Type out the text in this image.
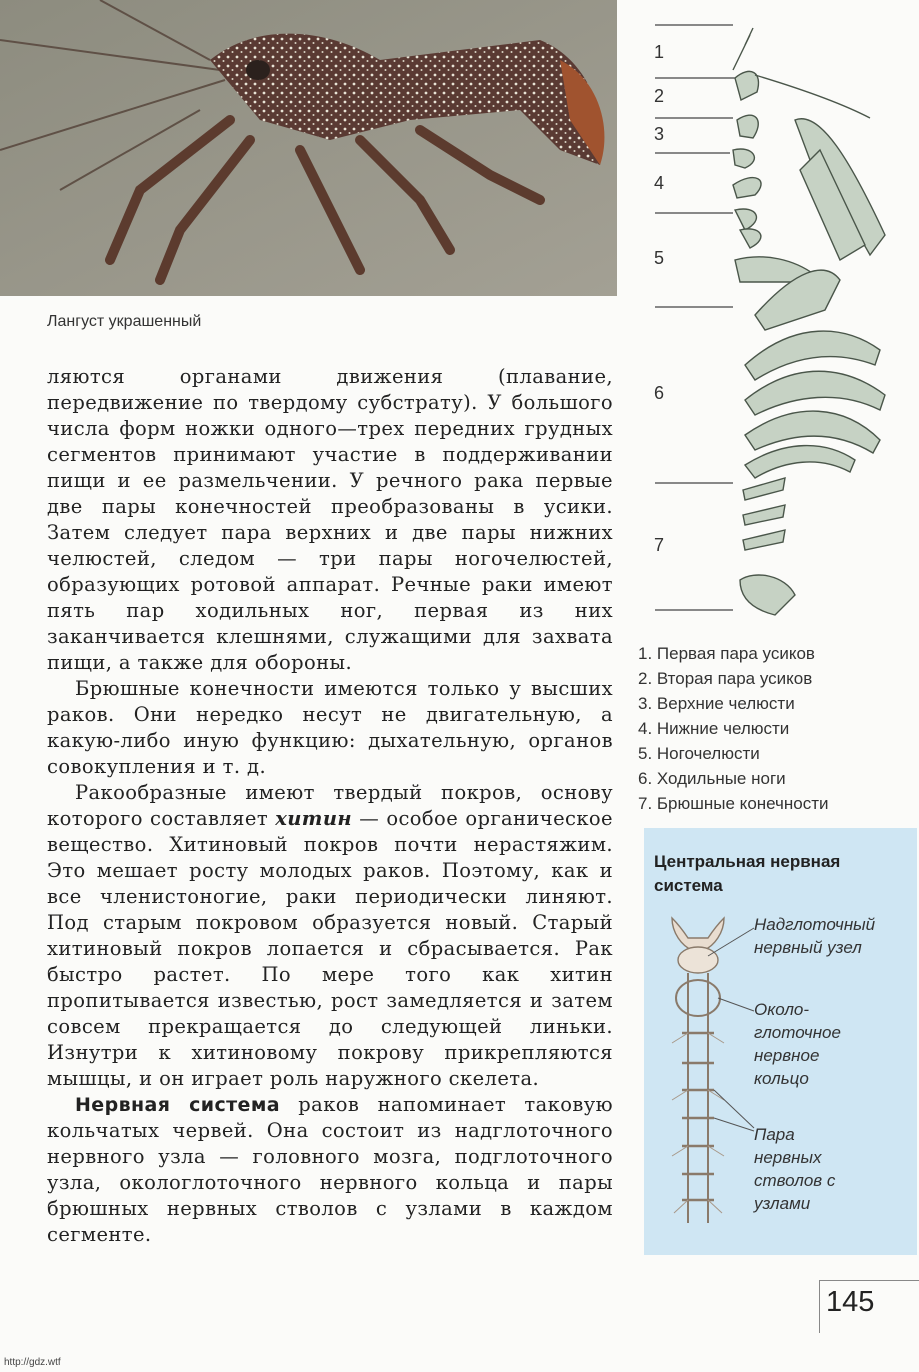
Лангуст украшенный

ляются органами движения (плавание, передвижение по твердому субстрату). У большого числа форм ножки одного—трех передних грудных сегментов принимают участие в поддерживании пищи и ее размельчении. У речного рака первые две пары конечностей преобразованы в усики. Затем следует пара верхних и две пары нижних челюстей, следом — три пары ногочелюстей, образующих ротовой аппарат. Речные раки имеют пять пар ходильных ног, первая из них заканчивается клешнями, служащими для захвата пищи, а также для обороны.

Брюшные конечности имеются только у высших раков. Они нередко несут не двигательную, а какую-либо иную функцию: дыхательную, органов совокупления и т. д.

Ракообразные имеют твердый покров, основу которого составляет хитин — особое органическое вещество. Хитиновый покров почти нерастяжим. Это мешает росту молодых раков. Поэтому, как и все членистоногие, раки периодически линяют. Под старым покровом образуется новый. Старый хитиновый покров лопается и сбрасывается. Рак быстро растет. По мере того как хитин пропитывается известью, рост замедляется и затем совсем прекращается до следующей линьки. Изнутри к хитиновому покрову прикрепляются мышцы, и он играет роль наружного скелета.

Нервная система раков напоминает таковую кольчатых червей. Она состоит из надглоточного нервного узла — головного мозга, подглоточного узла, окологлоточного нервного кольца и пары брюшных нервных стволов с узлами в каждом сегменте.

1
2
3
4
5
6
7
1. Первая пара усиков
2. Вторая пара усиков
3. Верхние челюсти
4. Нижние челюсти
5. Ногочелюсти
6. Ходильные ноги
7. Брюшные конечности
Центральная нервная система
Надглоточный нервный узел
Около-глоточное нервное кольцо
Пара нервных стволов с узлами
145
http://gdz.wtf
